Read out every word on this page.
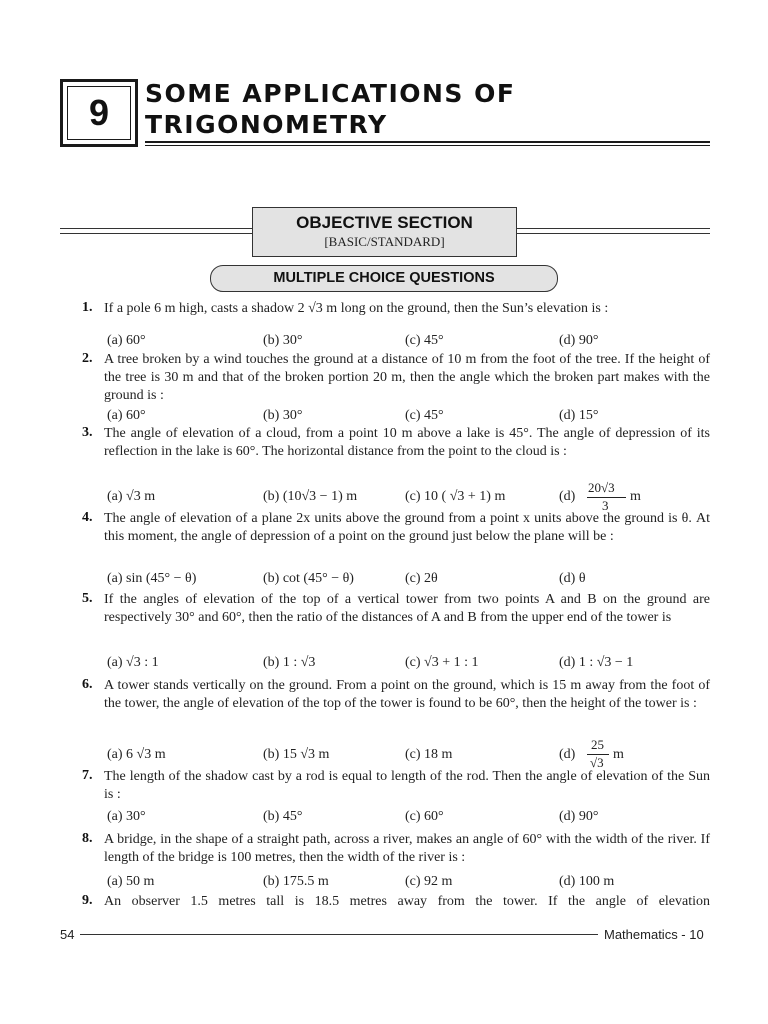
9	SOME APPLICATIONS OF
TRIGONOMETRY
OBJECTIVE SECTION
[BASIC/STANDARD]
MULTIPLE CHOICE QUESTIONS
1. If a pole 6 m high, casts a shadow 2 √3 m long on the ground, then the Sun’s elevation is :
(a) 60°	(b) 30°	(c) 45°	(d) 90°
2. A tree broken by a wind touches the ground at a distance of 10 m from the foot of the tree. If the height of the tree is 30 m and that of the broken portion 20 m, then the angle which the broken part makes with the ground is :
(a) 60°	(b) 30°	(c) 45°	(d) 15°
3. The angle of elevation of a cloud, from a point 10 m above a lake is 45°. The angle of depression of its reflection in the lake is 60°. The horizontal distance from the point to the cloud is :
(a) √3 m	(b) (10√3 − 1) m	(c) 10 ( √3 + 1) m	(d)
20√3
3
m
4. The angle of elevation of a plane 2x units above the ground from a point x units above the ground is θ. At this moment, the angle of depression of a point on the ground just below the plane will be :
(a) sin (45° − θ)	(b) cot (45° − θ)	(c) 2θ	(d) θ
5. If the angles of elevation of the top of a vertical tower from two points A and B on the ground are respectively 30° and 60°, then the ratio of the distances of A and B from the upper end of the tower is
(a) √3 : 1	(b) 1 : √3	(c) √3 + 1 : 1	(d) 1 : √3 − 1
6. A tower stands vertically on the ground. From a point on the ground, which is 15 m away from the foot of the tower, the angle of elevation of the top of the tower is found to be 60°, then the height of the tower is :
(a) 6 √3 m	(b) 15 √3 m	(c) 18 m	(d)
25
√3
m
7. The length of the shadow cast by a rod is equal to length of the rod. Then the angle of elevation of the Sun is :
(a) 30°	(b) 45°	(c) 60°	(d) 90°
8. A bridge, in the shape of a straight path, across a river, makes an angle of 60° with the width of the river. If length of the bridge is 100 metres, then the width of the river is :
(a) 50 m	(b) 175.5 m	(c) 92 m	(d) 100 m
9. An observer 1.5 metres tall is 18.5 metres away from the tower. If the angle of elevation
54	Mathematics - 10
